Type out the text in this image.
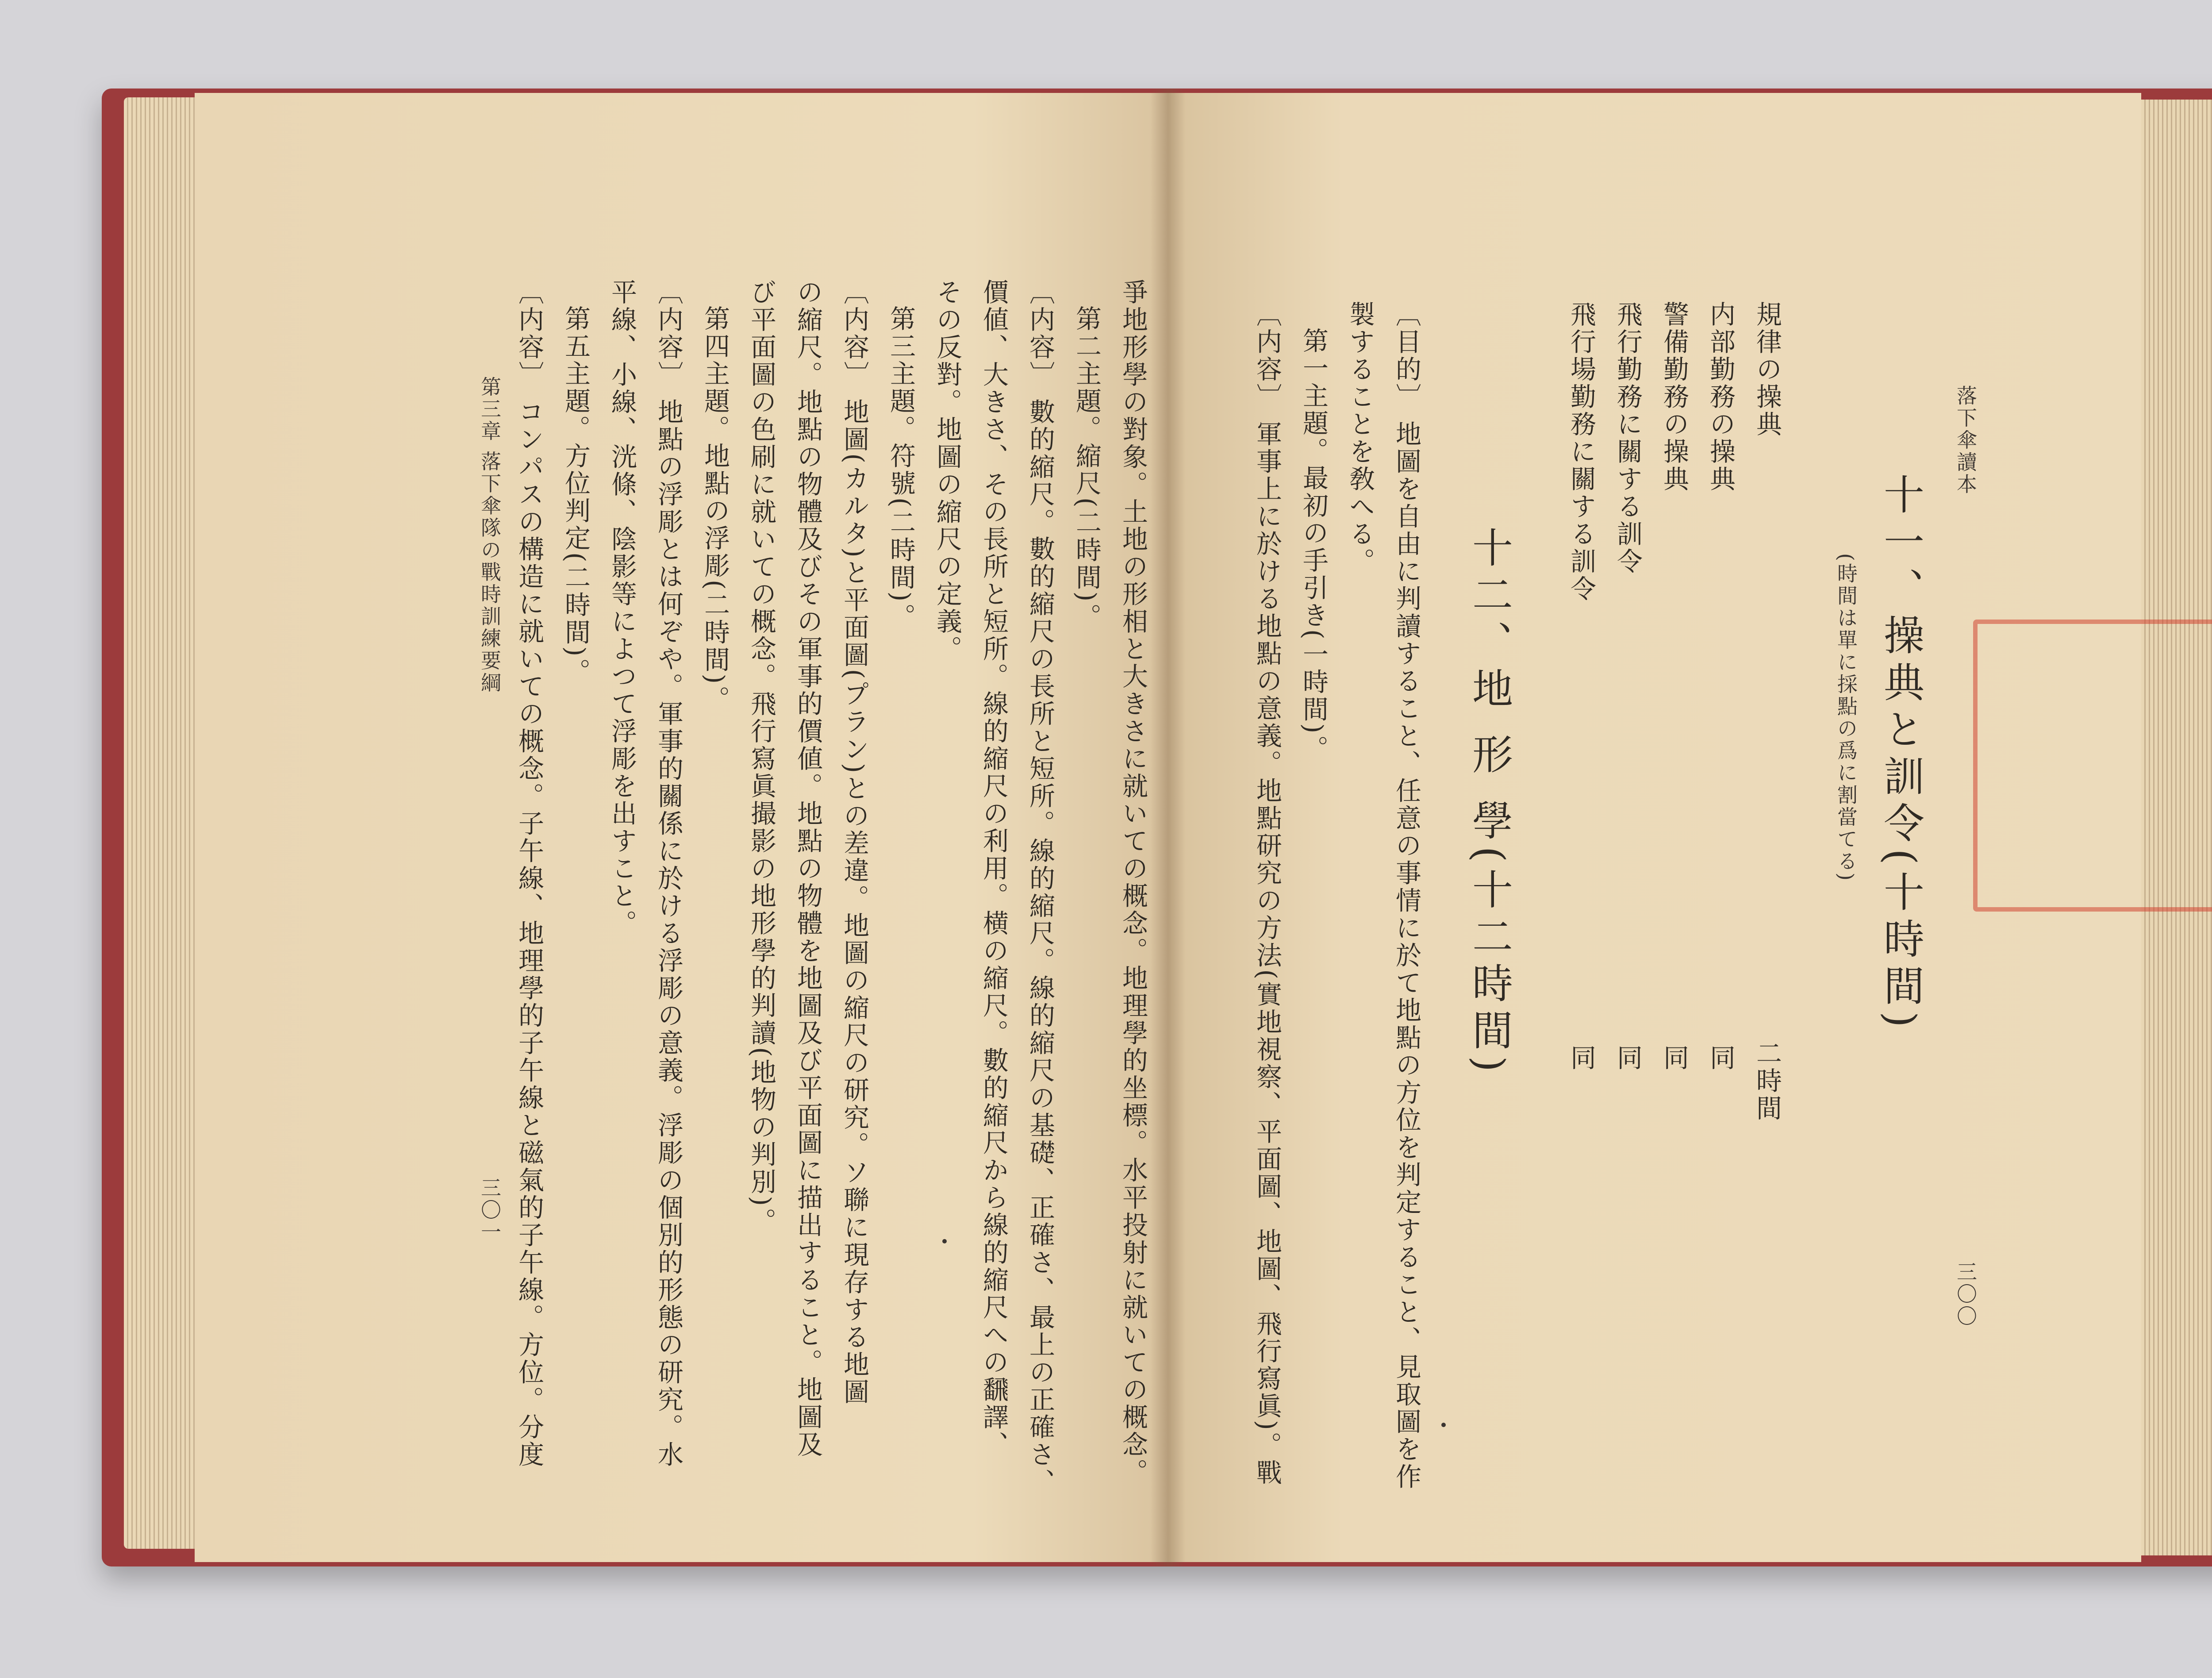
爭地形學の對象。土地の形相と大きさに就いての概念。地理學的坐標。水平投射に就いての概念。
第二主題。縮尺(二時間)。
〔内容〕 數的縮尺。數的縮尺の長所と短所。線的縮尺。線的縮尺の基礎、正確さ、最上の正確さ、
價値、大きさ、その長所と短所。線的縮尺の利用。横の縮尺。數的縮尺から線的縮尺への飜譯、
その反對。地圖の縮尺の定義。
第三主題。符號(二時間)。
〔内容〕 地圖(カルタ)と平面圖(プラン)との差違。地圖の縮尺の研究。ソ聯に現存する地圖
の縮尺。地點の物體及びその軍事的價値。地點の物體を地圖及び平面圖に描出すること。地圖及
び平面圖の色刷に就いての概念。飛行寫眞撮影の地形學的判讀(地物の判別)。
第四主題。地點の浮彫(二時間)。
〔内容〕 地點の浮彫とは何ぞや。軍事的關係に於ける浮彫の意義。浮彫の個別的形態の研究。水
平線、小線、洸條、陰影等によつて浮彫を出すこと。
第五主題。方位判定(二時間)。
〔内容〕 コンパスの構造に就いての概念。子午線、地理學的子午線と磁氣的子午線。方位。分度
第三章 落下傘隊の戰時訓練要綱
三〇一
落下傘讀本
十一、操典と訓令(十時間)
(時間は單に採點の爲に割當てる)
規律の操典
二時間
内部勤務の操典
同
警備勤務の操典
同
飛行勤務に關する訓令
同
飛行場勤務に關する訓令
同
十二、地 形 學(十二時間)
〔目的〕 地圖を自由に判讀すること、任意の事情に於て地點の方位を判定すること、見取圖を作
製することを敎へる。
第一主題。最初の手引き(一時間)。
〔内容〕 軍事上に於ける地點の意義。地點研究の方法(實地視察、平面圖、地圖、飛行寫眞)。戰	三〇〇
